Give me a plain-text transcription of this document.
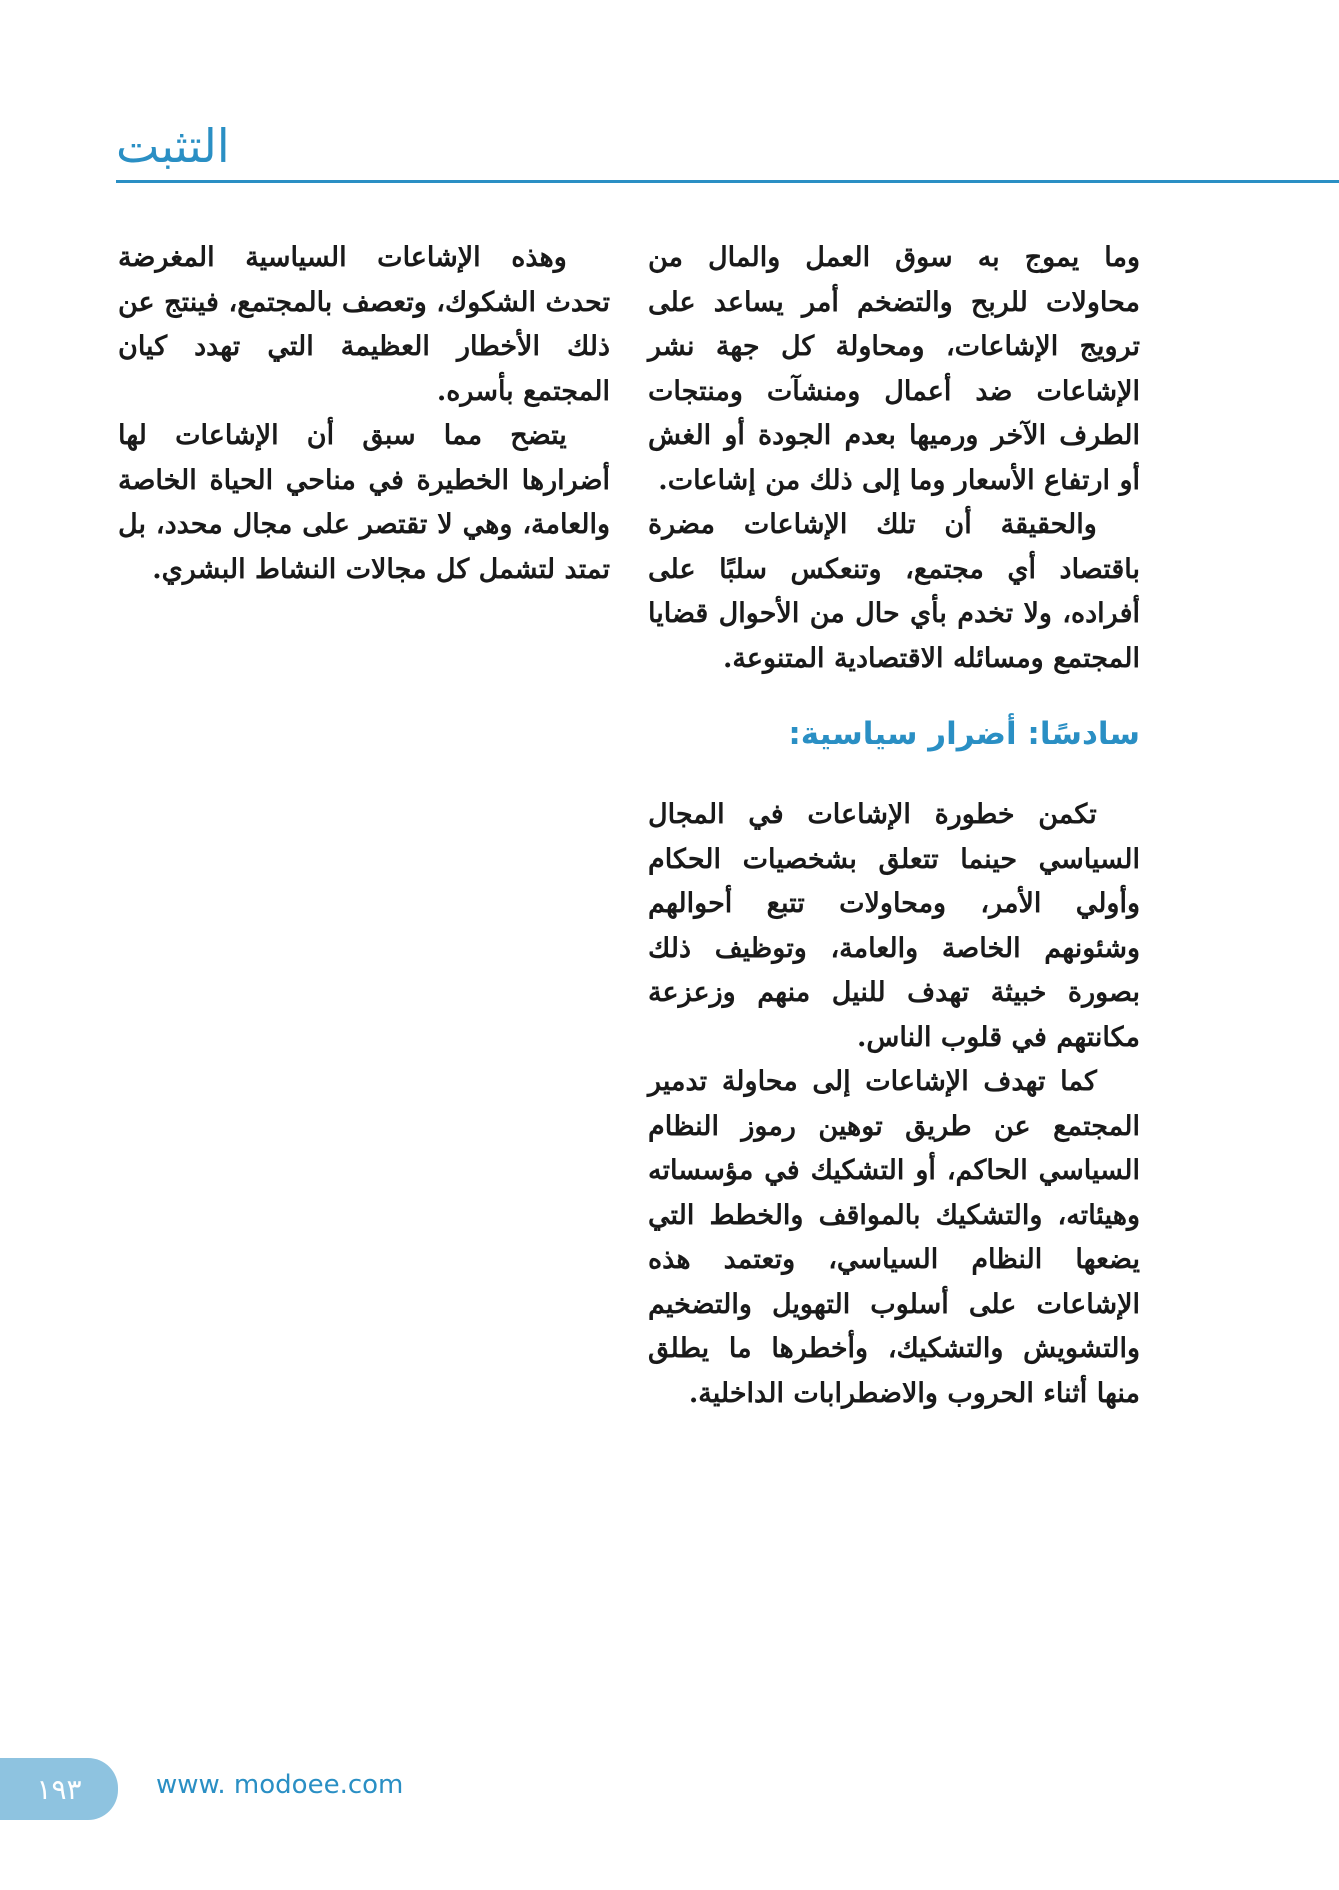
التثبت

وما يموج به سوق العمل والمال من محاولات للربح والتضخم أمر يساعد على ترويج الإشاعات، ومحاولة كل جهة نشر الإشاعات ضد أعمال ومنشآت ومنتجات الطرف الآخر ورميها بعدم الجودة أو الغش أو ارتفاع الأسعار وما إلى ذلك من إشاعات.

والحقيقة أن تلك الإشاعات مضرة باقتصاد أي مجتمع، وتنعكس سلبًا على أفراده، ولا تخدم بأي حال من الأحوال قضايا المجتمع ومسائله الاقتصادية المتنوعة.

سادسًا: أضرار سياسية:

تكمن خطورة الإشاعات في المجال السياسي حينما تتعلق بشخصيات الحكام وأولي الأمر، ومحاولات تتبع أحوالهم وشئونهم الخاصة والعامة، وتوظيف ذلك بصورة خبيثة تهدف للنيل منهم وزعزعة مكانتهم في قلوب الناس.

كما تهدف الإشاعات إلى محاولة تدمير المجتمع عن طريق توهين رموز النظام السياسي الحاكم، أو التشكيك في مؤسساته وهيئاته، والتشكيك بالمواقف والخطط التي يضعها النظام السياسي، وتعتمد هذه الإشاعات على أسلوب التهويل والتضخيم والتشويش والتشكيك، وأخطرها ما يطلق منها أثناء الحروب والاضطرابات الداخلية.

وهذه الإشاعات السياسية المغرضة تحدث الشكوك، وتعصف بالمجتمع، فينتج عن ذلك الأخطار العظيمة التي تهدد كيان المجتمع بأسره.

يتضح مما سبق أن الإشاعات لها أضرارها الخطيرة في مناحي الحياة الخاصة والعامة، وهي لا تقتصر على مجال محدد، بل تمتد لتشمل كل مجالات النشاط البشري.

١٩٣	www. modoee.com
